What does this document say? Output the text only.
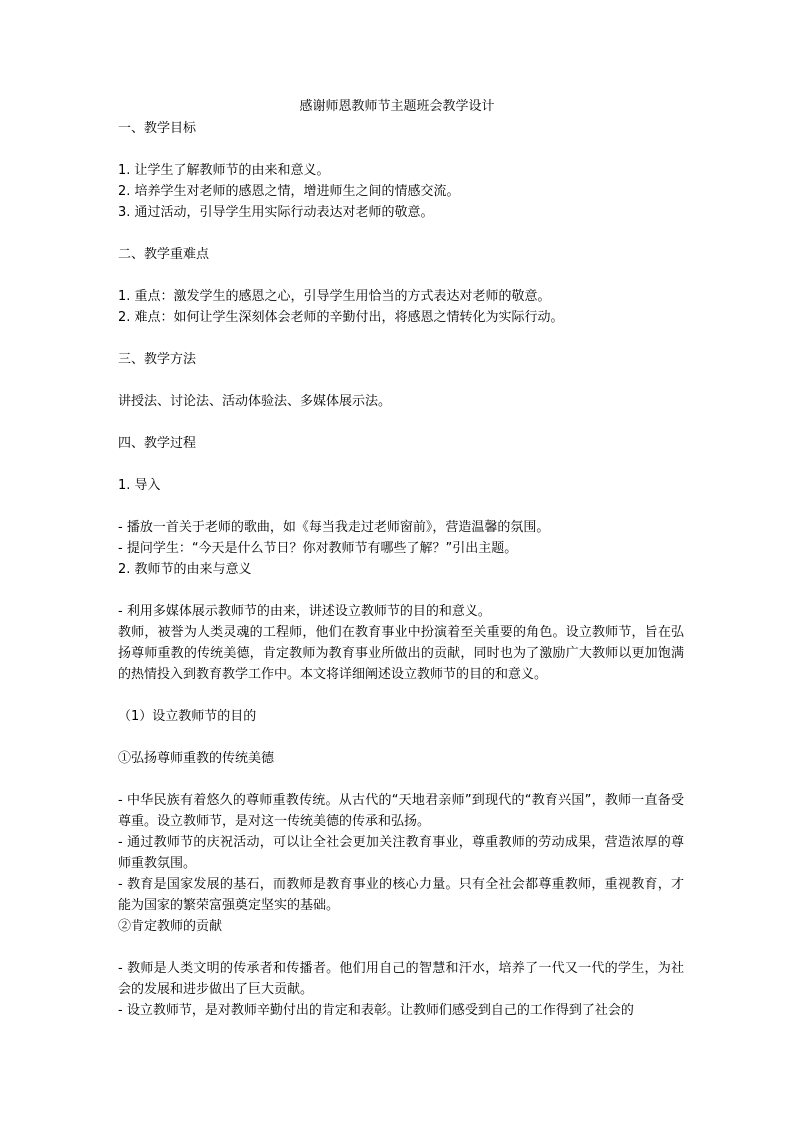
感谢师恩教师节主题班会教学设计
一、教学目标
1. 让学生了解教师节的由来和意义。
2. 培养学生对老师的感恩之情，增进师生之间的情感交流。
3. 通过活动，引导学生用实际行动表达对老师的敬意。
二、教学重难点
1. 重点：激发学生的感恩之心，引导学生用恰当的方式表达对老师的敬意。
2. 难点：如何让学生深刻体会老师的辛勤付出，将感恩之情转化为实际行动。
三、教学方法
讲授法、讨论法、活动体验法、多媒体展示法。
四、教学过程
1. 导入
- 播放一首关于老师的歌曲，如《每当我走过老师窗前》，营造温馨的氛围。
- 提问学生：“今天是什么节日？你对教师节有哪些了解？”引出主题。
2. 教师节的由来与意义
- 利用多媒体展示教师节的由来，讲述设立教师节的目的和意义。
教师，被誉为人类灵魂的工程师，他们在教育事业中扮演着至关重要的角色。设立教师节，旨在弘扬尊师重教的传统美德，肯定教师为教育事业所做出的贡献，同时也为了激励广大教师以更加饱满的热情投入到教育教学工作中。本文将详细阐述设立教师节的目的和意义。
（1）设立教师节的目的
①弘扬尊师重教的传统美德
- 中华民族有着悠久的尊师重教传统。从古代的“天地君亲师”到现代的“教育兴国”，教师一直备受尊重。设立教师节，是对这一传统美德的传承和弘扬。
- 通过教师节的庆祝活动，可以让全社会更加关注教育事业，尊重教师的劳动成果，营造浓厚的尊师重教氛围。
- 教育是国家发展的基石，而教师是教育事业的核心力量。只有全社会都尊重教师，重视教育，才能为国家的繁荣富强奠定坚实的基础。
②肯定教师的贡献
- 教师是人类文明的传承者和传播者。他们用自己的智慧和汗水，培养了一代又一代的学生，为社会的发展和进步做出了巨大贡献。
- 设立教师节，是对教师辛勤付出的肯定和表彰。让教师们感受到自己的工作得到了社会的
